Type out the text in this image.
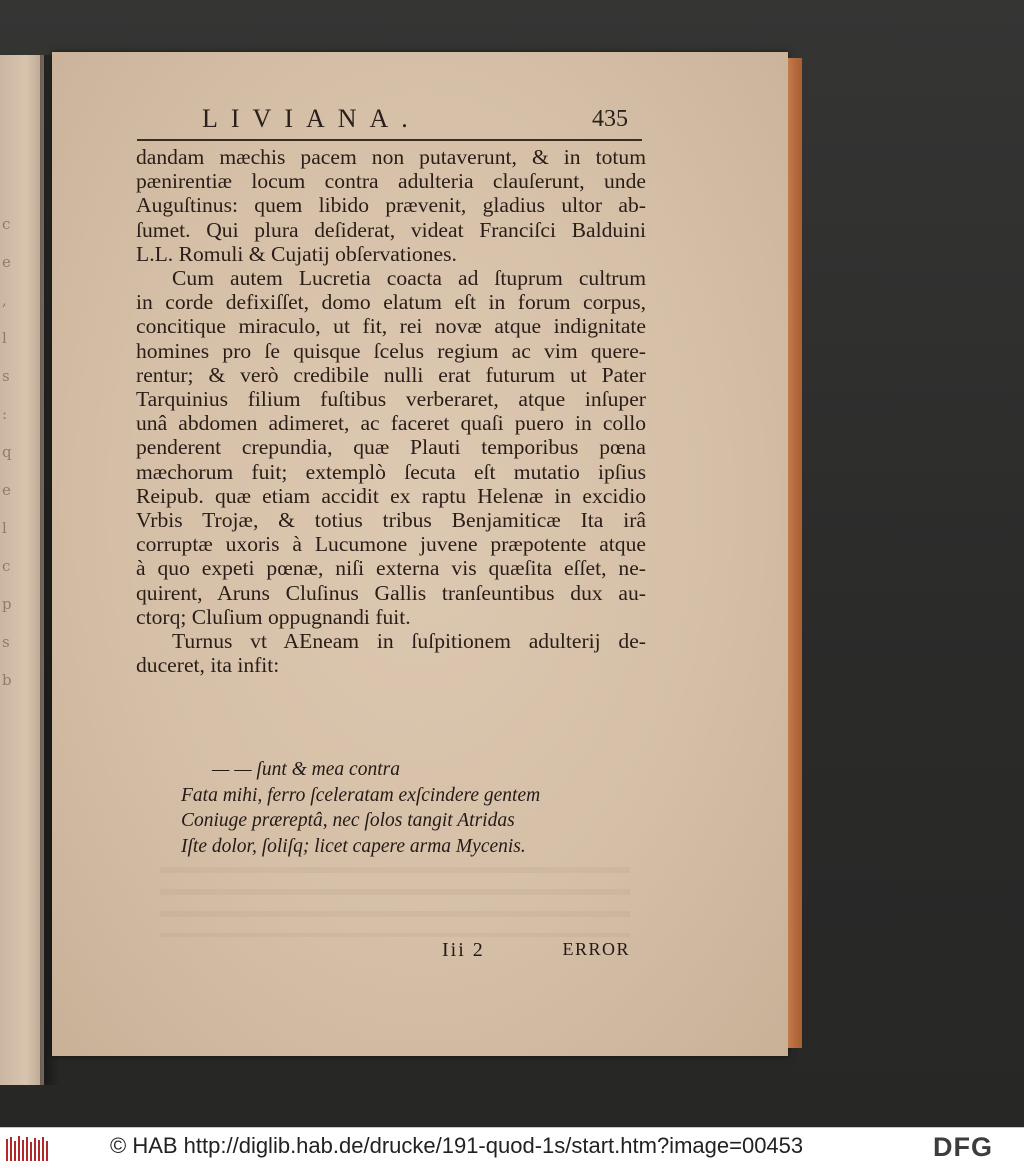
c
e
,
l
s
:
q
e
l
c
p
s
b
LIVIANA.	435

dandam mæchis pacem non putaverunt, & in totum

pænirentiæ locum contra adulteria clauſerunt, unde

Auguſtinus: quem libido prævenit, gladius ultor ab-

ſumet. Qui plura deſiderat, videat Franciſci Balduini

L.L. Romuli & Cujatij obſervationes.

Cum autem Lucretia coacta ad ſtuprum cultrum

in corde defixiſſet, domo elatum eſt in forum corpus,

concitique miraculo, ut fit, rei novæ atque indignitate

homines pro ſe quisque ſcelus regium ac vim quere-

rentur; & verò credibile nulli erat futurum ut Pater

Tarquinius filium fuſtibus verberaret, atque inſuper

unâ abdomen adimeret, ac faceret quaſi puero in collo

penderent crepundia, quæ Plauti temporibus pœna

mæchorum fuit; extemplò ſecuta eſt mutatio ipſius

Reipub. quæ etiam accidit ex raptu Helenæ in excidio

Vrbis Trojæ, & totius tribus Benjamiticæ Ita irâ

corruptæ uxoris à Lucumone juvene præpotente atque

à quo expeti pœnæ, niſi externa vis quæſita eſſet, ne-

quirent, Aruns Cluſinus Gallis tranſeuntibus dux au-

ctorq; Cluſium oppugnandi fuit.

Turnus vt AEneam in ſuſpitionem adulterij de-

duceret, ita infit:

— — ſunt & mea contra

Fata mihi, ferro ſceleratam exſcindere gentem

Coniuge præreptâ, nec ſolos tangit Atridas

Iſte dolor, ſoliſq; licet capere arma Mycenis.

Iii 2	ERROR
© HAB http://diglib.hab.de/drucke/191-quod-1s/start.htm?image=00453	DFG
